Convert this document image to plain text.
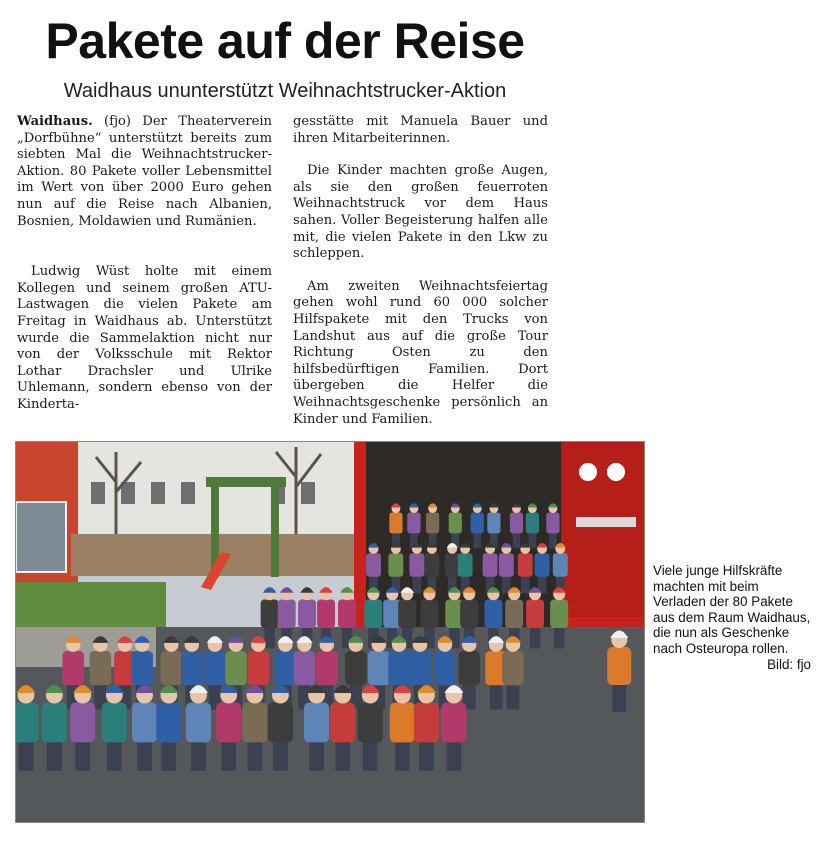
Pakete auf der Reise
Waidhaus ununterstützt Weihnachtstrucker-Aktion

Waidhaus. (fjo) Der Theaterverein „Dorfbühne“ unterstützt bereits zum siebten Mal die Weihnachtstrucker-Aktion. 80 Pakete voller Lebensmittel im Wert von über 2000 Euro gehen nun auf die Reise nach Albanien, Bosnien, Moldawien und Rumänien.

Ludwig Wüst holte mit einem Kollegen und seinem großen ATU-Lastwagen die vielen Pakete am Freitag in Waidhaus ab. Unterstützt wurde die Sammelaktion nicht nur von der Volksschule mit Rektor Lothar Drachsler und Ulrike Uhlemann, sondern ebenso von der Kinderta-

gesstätte mit Manuela Bauer und ihren Mitarbeiterinnen.

Die Kinder machten große Augen, als sie den großen feuerroten Weihnachtstruck vor dem Haus sahen. Voller Begeisterung halfen alle mit, die vielen Pakete in den Lkw zu schleppen.

Am zweiten Weihnachtsfeiertag gehen wohl rund 60 000 solcher Hilfspakete mit den Trucks von Landshut aus auf die große Tour Richtung Osten zu den hilfsbedürftigen Familien. Dort übergeben die Helfer die Weihnachtsgeschenke persönlich an Kinder und Familien.

Viele junge Hilfskräfte machten mit beim Verladen der 80 Pakete aus dem Raum Waidhaus, die nun als Geschenke nach Osteuropa rollen.
Bild: fjo
